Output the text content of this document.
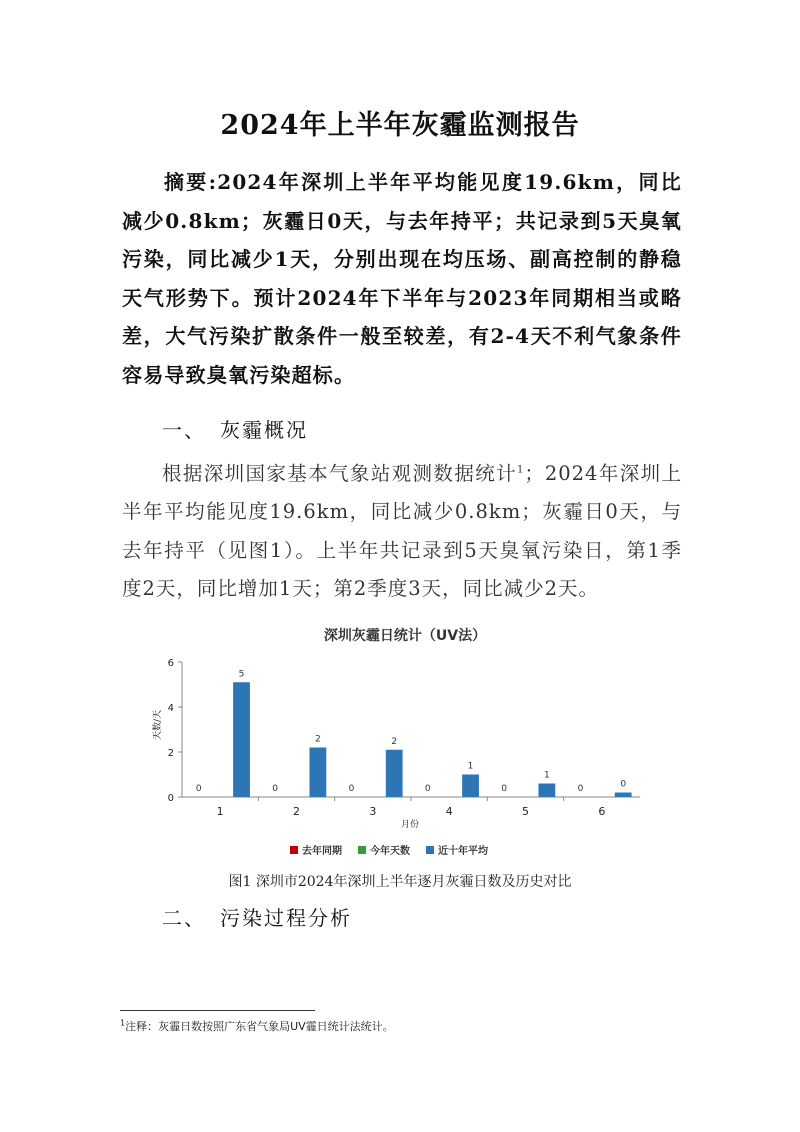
2024年上半年灰霾监测报告
摘要:2024年深圳上半年平均能见度19.6km，同比减少0.8km；灰霾日0天，与去年持平；共记录到5天臭氧污染，同比减少1天，分别出现在均压场、副高控制的静稳天气形势下。预计2024年下半年与2023年同期相当或略差，大气污染扩散条件一般至较差，有2-4天不利气象条件容易导致臭氧污染超标。
一、 灰霾概况
根据深圳国家基本气象站观测数据统计$^1$；2024年深圳上半年平均能见度19.6km，同比减少0.8km；灰霾日0天，与去年持平（见图1）。上半年共记录到5天臭氧污染日，第1季度2天，同比增加1天；第2季度3天，同比减少2天。
深圳灰霾日统计（UV法）
天数/天
月份
0
2
4
6
1	2	3	4	5	6
0	0	0	0	0	0
5
2	2
1
1
0
去年同期	今年天数	近十年平均
图1 深圳市2024年深圳上半年逐月灰霾日数及历史对比
二、 污染过程分析
$^1$注释：灰霾日数按照广东省气象局UV霾日统计法统计。
